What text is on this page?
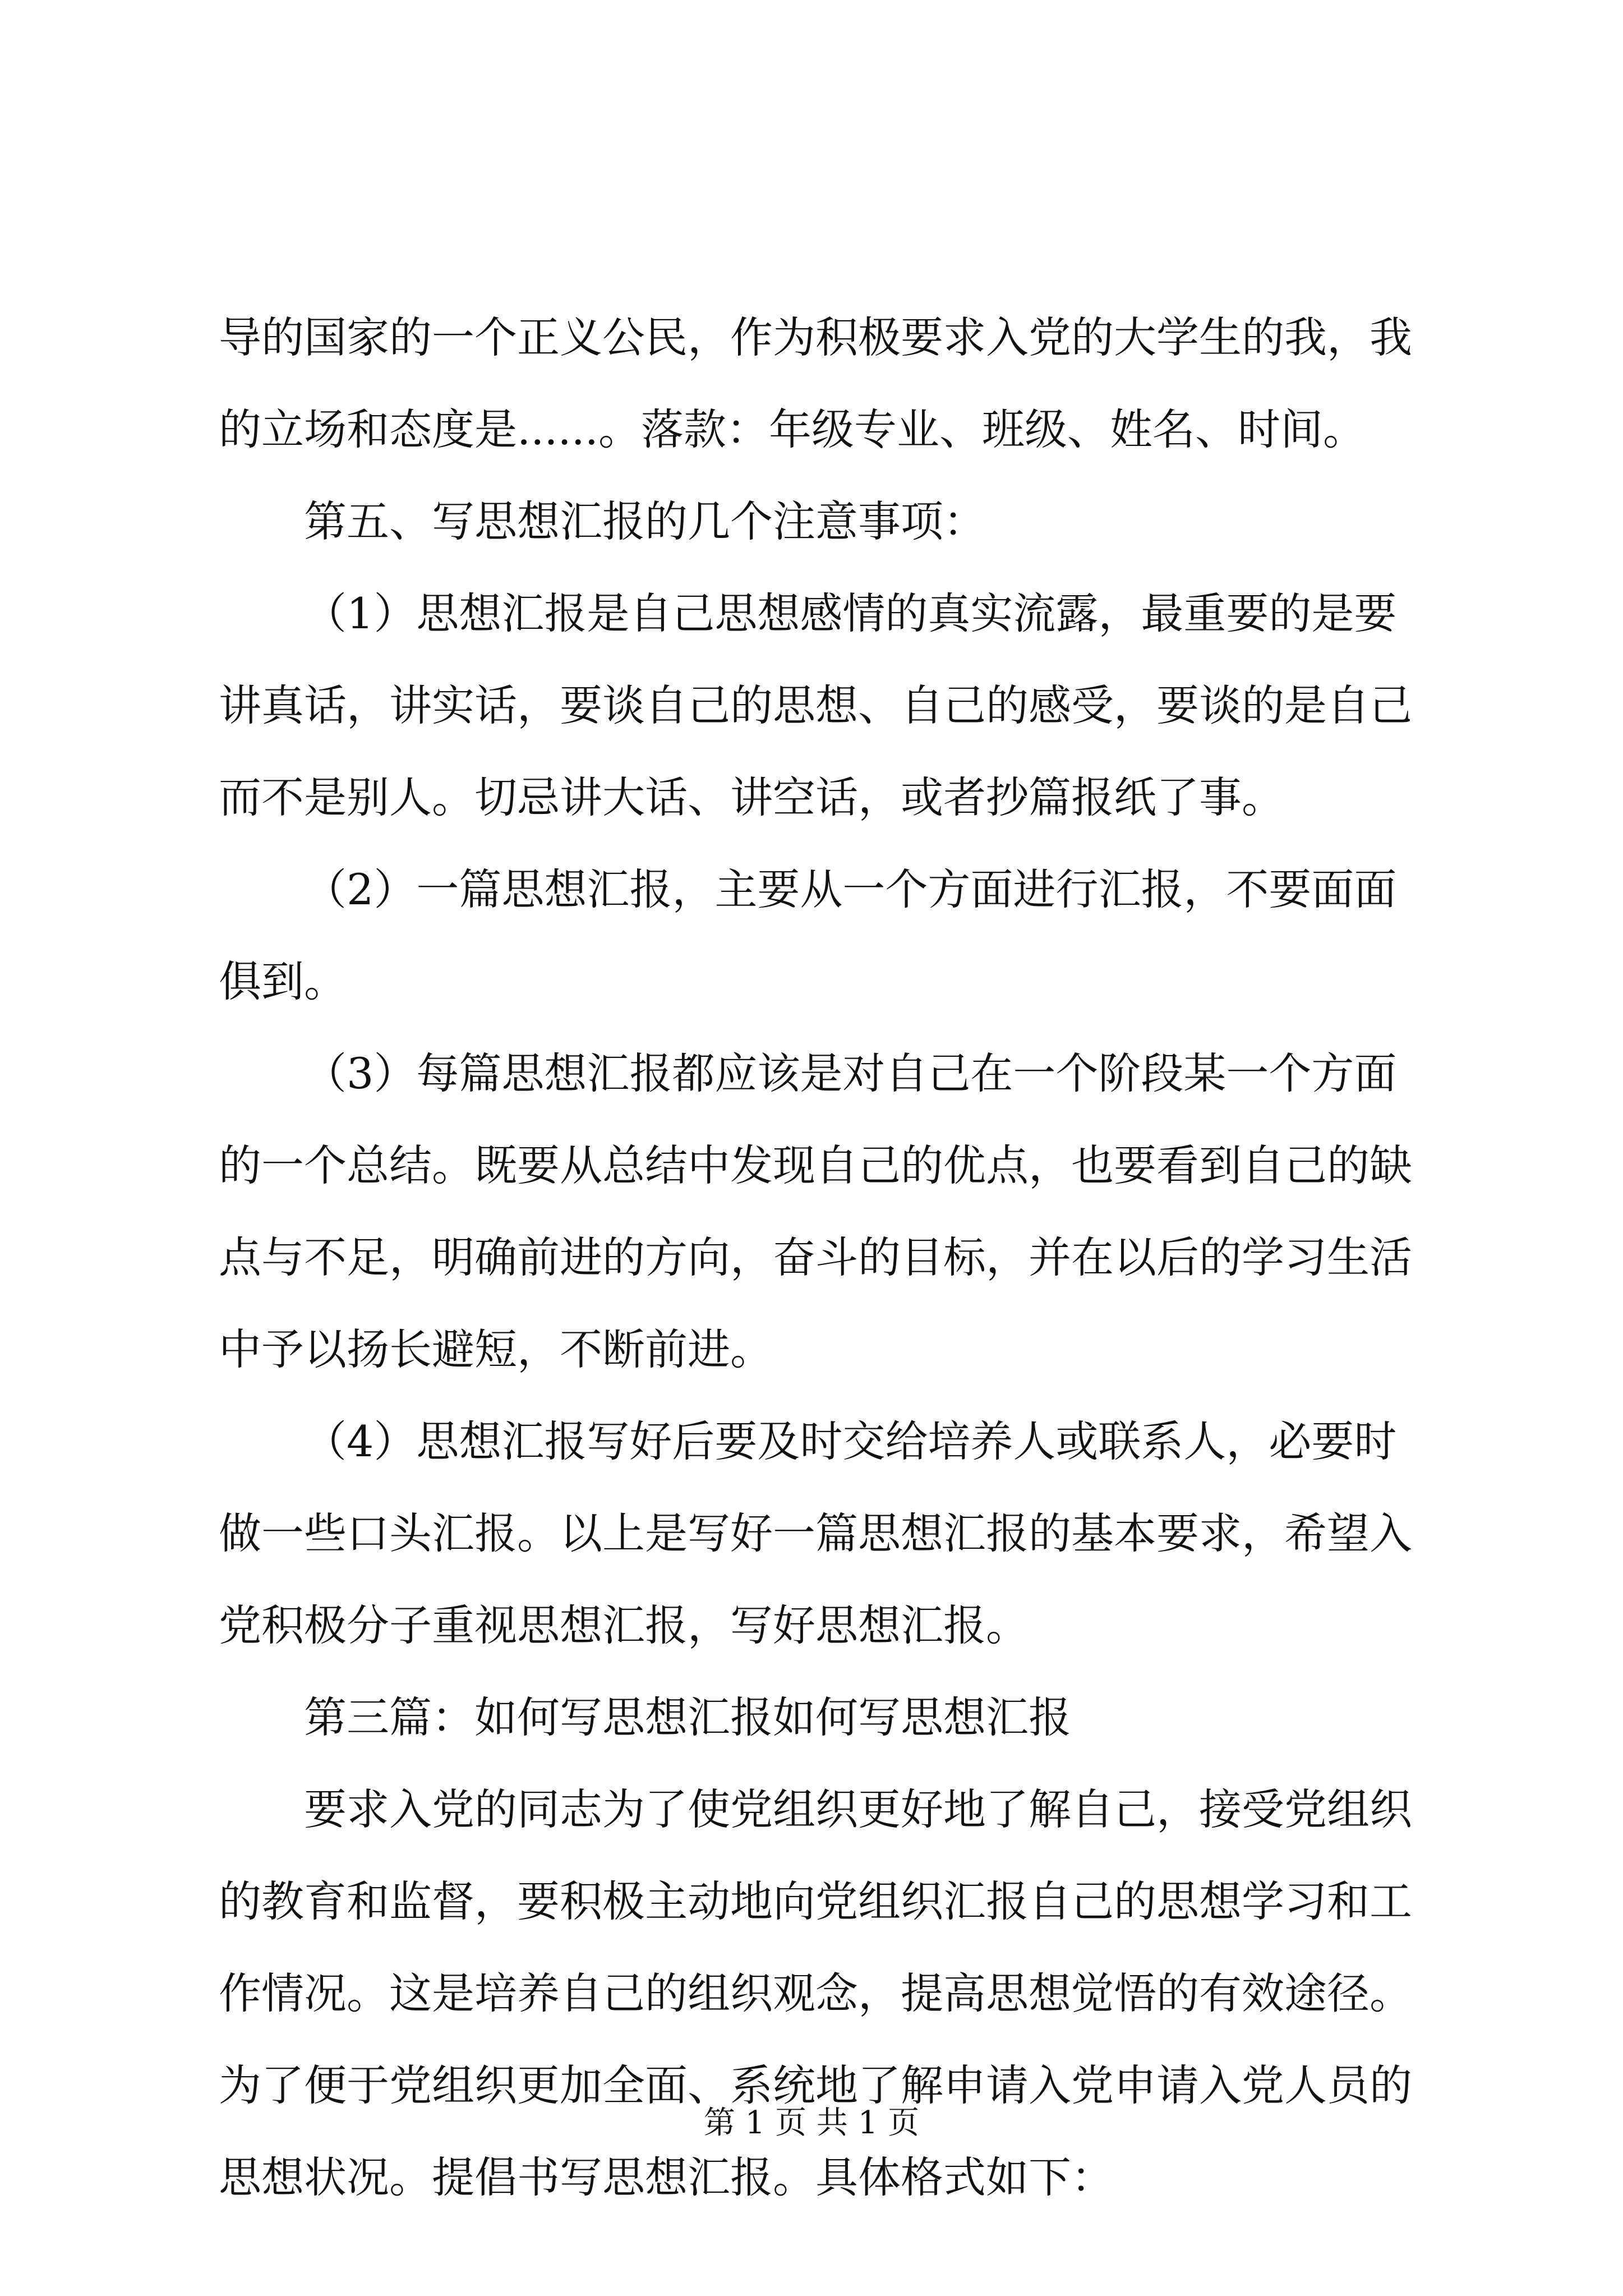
导的国家的一个正义公民，作为积极要求入党的大学生的我，我
的立场和态度是......。落款：年级专业、班级、姓名、时间。
第五、写思想汇报的几个注意事项：
（1）思想汇报是自己思想感情的真实流露，最重要的是要
讲真话，讲实话，要谈自己的思想、自己的感受，要谈的是自己
而不是别人。切忌讲大话、讲空话，或者抄篇报纸了事。
（2）一篇思想汇报，主要从一个方面进行汇报，不要面面
俱到。
（3）每篇思想汇报都应该是对自己在一个阶段某一个方面
的一个总结。既要从总结中发现自己的优点，也要看到自己的缺
点与不足，明确前进的方向，奋斗的目标，并在以后的学习生活
中予以扬长避短，不断前进。
（4）思想汇报写好后要及时交给培养人或联系人，必要时
做一些口头汇报。以上是写好一篇思想汇报的基本要求，希望入
党积极分子重视思想汇报，写好思想汇报。
第三篇：如何写思想汇报如何写思想汇报
要求入党的同志为了使党组织更好地了解自己，接受党组织
的教育和监督，要积极主动地向党组织汇报自己的思想学习和工
作情况。这是培养自己的组织观念，提高思想觉悟的有效途径。
为了便于党组织更加全面、系统地了解申请入党申请入党人员的
思想状况。提倡书写思想汇报。具体格式如下：
第 1 页 共 1 页
